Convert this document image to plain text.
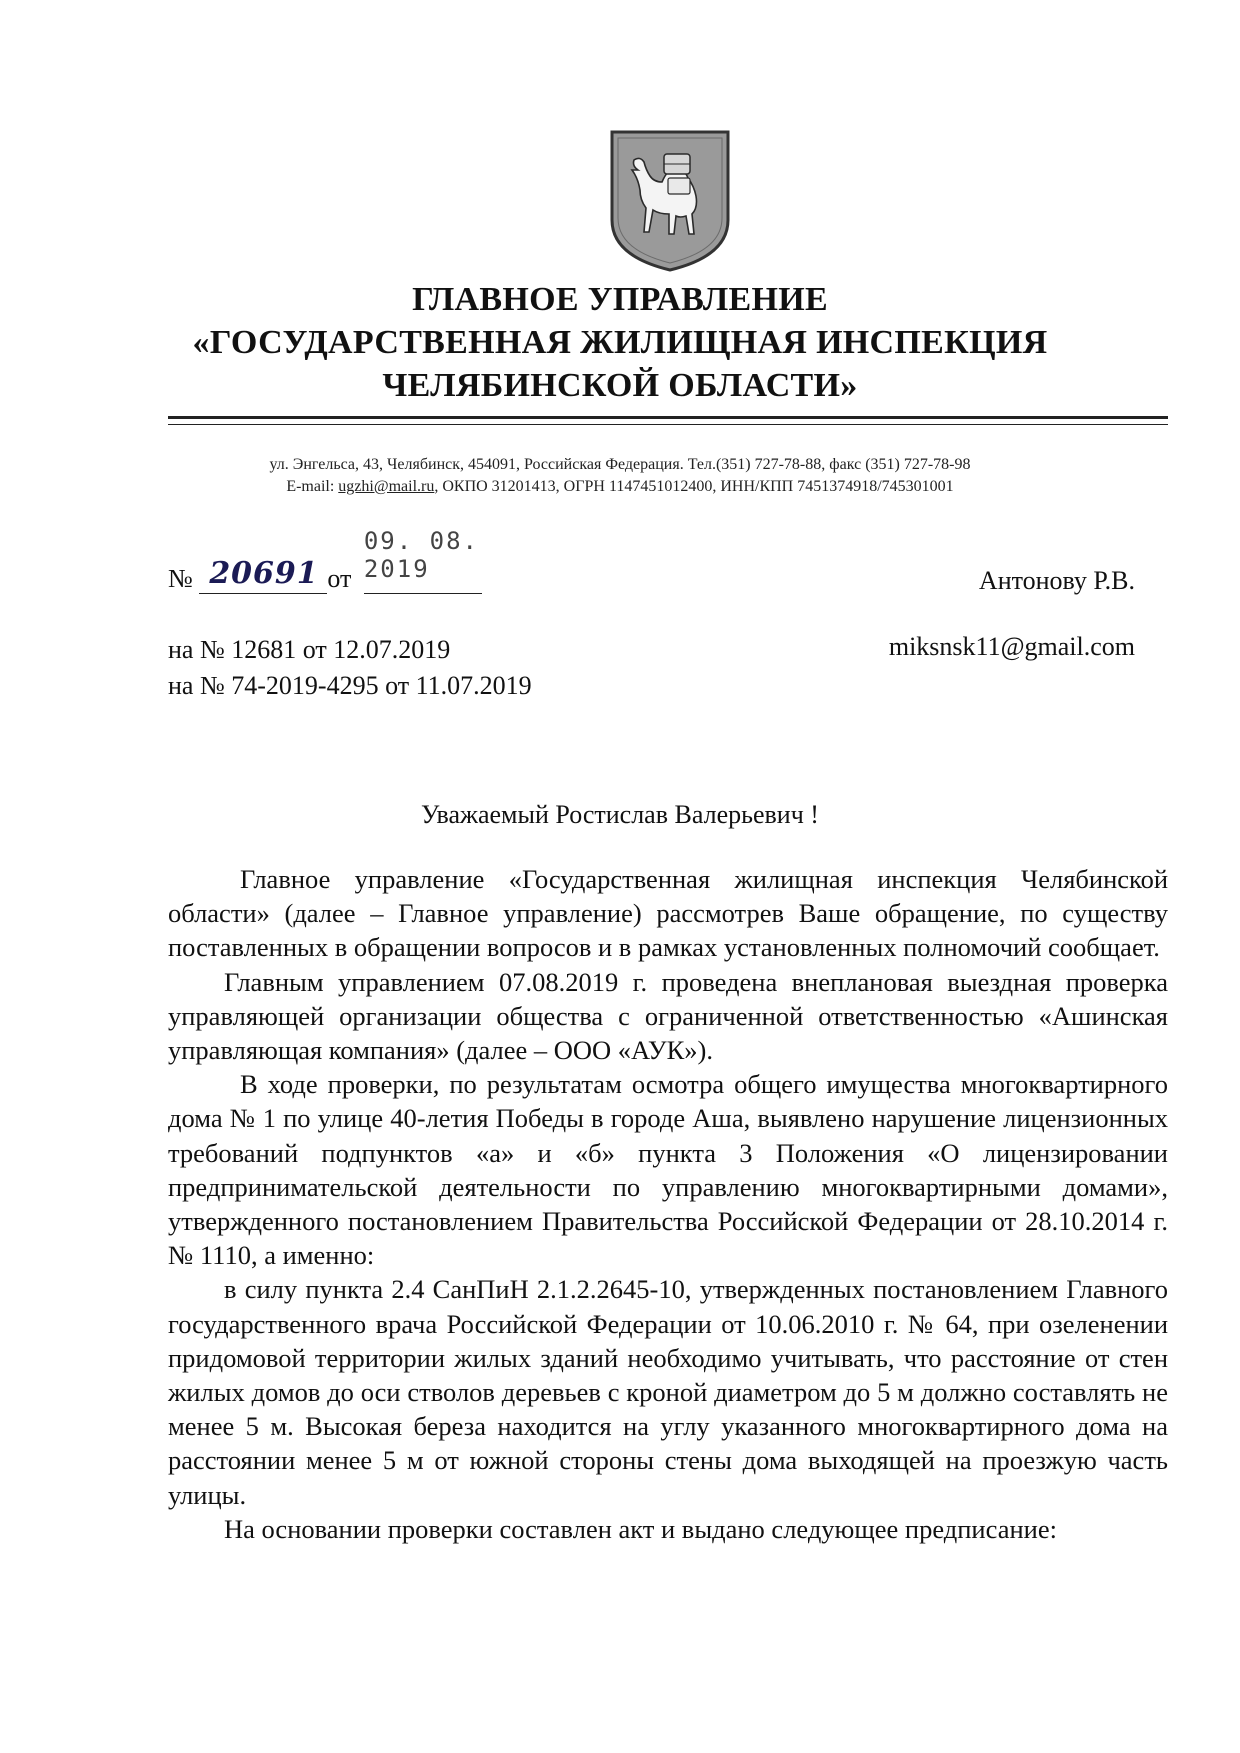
ГЛАВНОЕ УПРАВЛЕНИЕ
«ГОСУДАРСТВЕННАЯ ЖИЛИЩНАЯ ИНСПЕКЦИЯ
ЧЕЛЯБИНСКОЙ ОБЛАСТИ»
ул. Энгельса, 43, Челябинск, 454091, Российская Федерация. Тел.(351) 727-78-88, факс (351) 727-78-98
E-mail: ugzhi@mail.ru, ОКПО 31201413, ОГРН 1147451012400, ИНН/КПП 7451374918/745301001
№ 20691 от
09. 08. 2019	Антонову Р.В.
miksnsk11@gmail.com
на № 12681 от 12.07.2019
на № 74-2019-4295 от 11.07.2019
Уважаемый Ростислав Валерьевич !

Главное управление «Государственная жилищная инспекция Челябинской области» (далее – Главное управление) рассмотрев Ваше обращение, по существу поставленных в обращении вопросов и в рамках установленных полномочий сообщает.

Главным управлением 07.08.2019 г. проведена внеплановая выездная проверка управляющей организации общества с ограниченной ответственностью «Ашинская управляющая компания» (далее – ООО «АУК»).

В ходе проверки, по результатам осмотра общего имущества многоквартирного дома № 1 по улице 40-летия Победы в городе Аша, выявлено нарушение лицензионных требований подпунктов «а» и «б» пункта 3 Положения «О лицензировании предпринимательской деятельности по управлению многоквартирными домами», утвержденного постановлением Правительства Российской Федерации от 28.10.2014 г. № 1110, а именно:

в силу пункта 2.4 СанПиН 2.1.2.2645-10, утвержденных постановлением Главного государственного врача Российской Федерации от 10.06.2010 г. № 64, при озеленении придомовой территории жилых зданий необходимо учитывать, что расстояние от стен жилых домов до оси стволов деревьев с кроной диаметром до 5 м должно составлять не менее 5 м. Высокая береза находится на углу указанного многоквартирного дома на расстоянии менее 5 м от южной стороны стены дома выходящей на проезжую часть улицы.

На основании проверки составлен акт и выдано следующее предписание:
